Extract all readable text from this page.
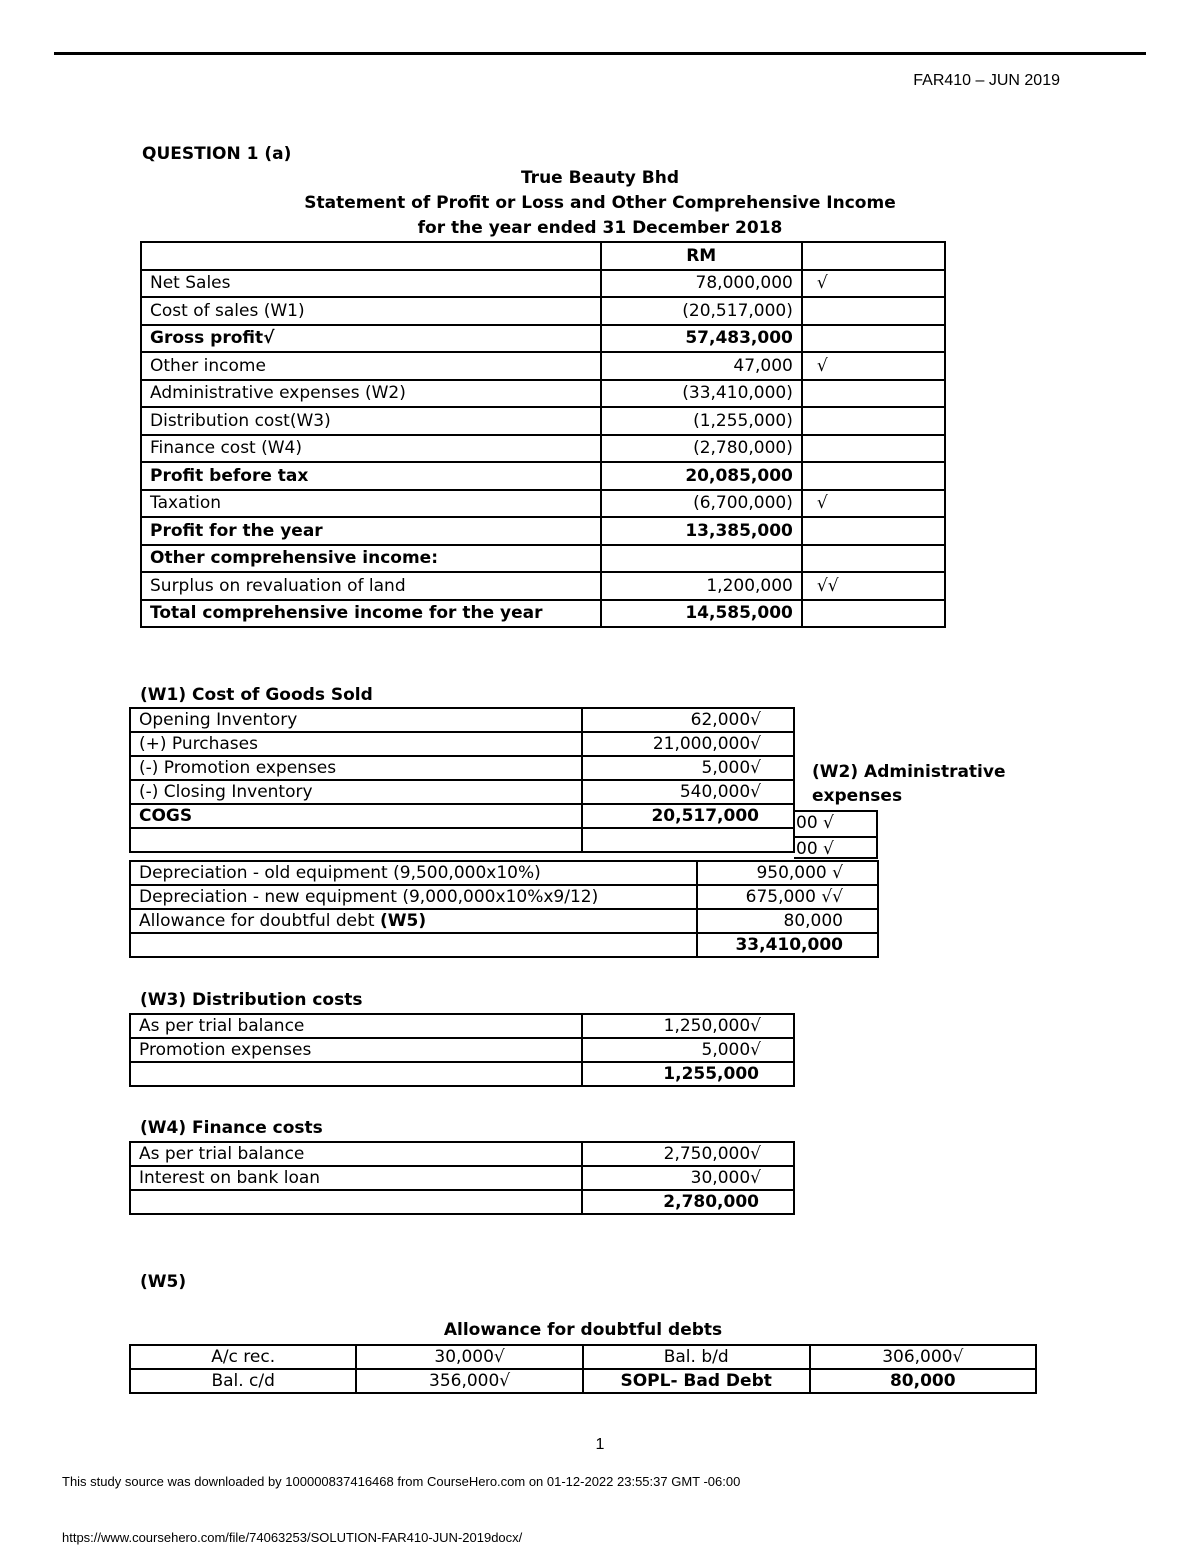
FAR410 – JUN 2019
QUESTION 1 (a)
True Beauty Bhd
Statement of Profit or Loss and Other Comprehensive Income
for the year ended 31 December 2018
	RM	
Net Sales	78,000,000	√
Cost of sales (W1)	(20,517,000)	
Gross profit√	57,483,000	
Other income	47,000	√
Administrative expenses (W2)	(33,410,000)	
Distribution cost(W3)	(1,255,000)	
Finance cost (W4)	(2,780,000)	
Profit before tax	20,085,000	
Taxation	(6,700,000)	√
Profit for the year	13,385,000	
Other comprehensive income:		
Surplus on revaluation of land	1,200,000	√√
Total comprehensive income for the year	14,585,000	
(W1) Cost of Goods Sold
Opening Inventory	62,000√
(+) Purchases	21,000,000√
(-) Promotion expenses	5,000√
(-) Closing Inventory	540,000√
COGS	20,517,000

(W2) Administrative
expenses
00 √
00 √
Depreciation - old equipment (9,500,000x10%)	950,000 √
Depreciation - new equipment (9,000,000x10%x9/12)	675,000 √√
Allowance for doubtful debt (W5)	80,000
	33,410,000
(W3) Distribution costs
As per trial balance	1,250,000√
Promotion expenses	5,000√
	1,255,000
(W4) Finance costs
As per trial balance	2,750,000√
Interest on bank loan	30,000√
	2,780,000
(W5)
Allowance for doubtful debts
A/c rec.	30,000√	Bal. b/d	306,000√
Bal. c/d	356,000√	SOPL- Bad Debt	80,000
1
This study source was downloaded by 100000837416468 from CourseHero.com on 01-12-2022 23:55:37 GMT -06:00
https://www.coursehero.com/file/74063253/SOLUTION-FAR410-JUN-2019docx/
